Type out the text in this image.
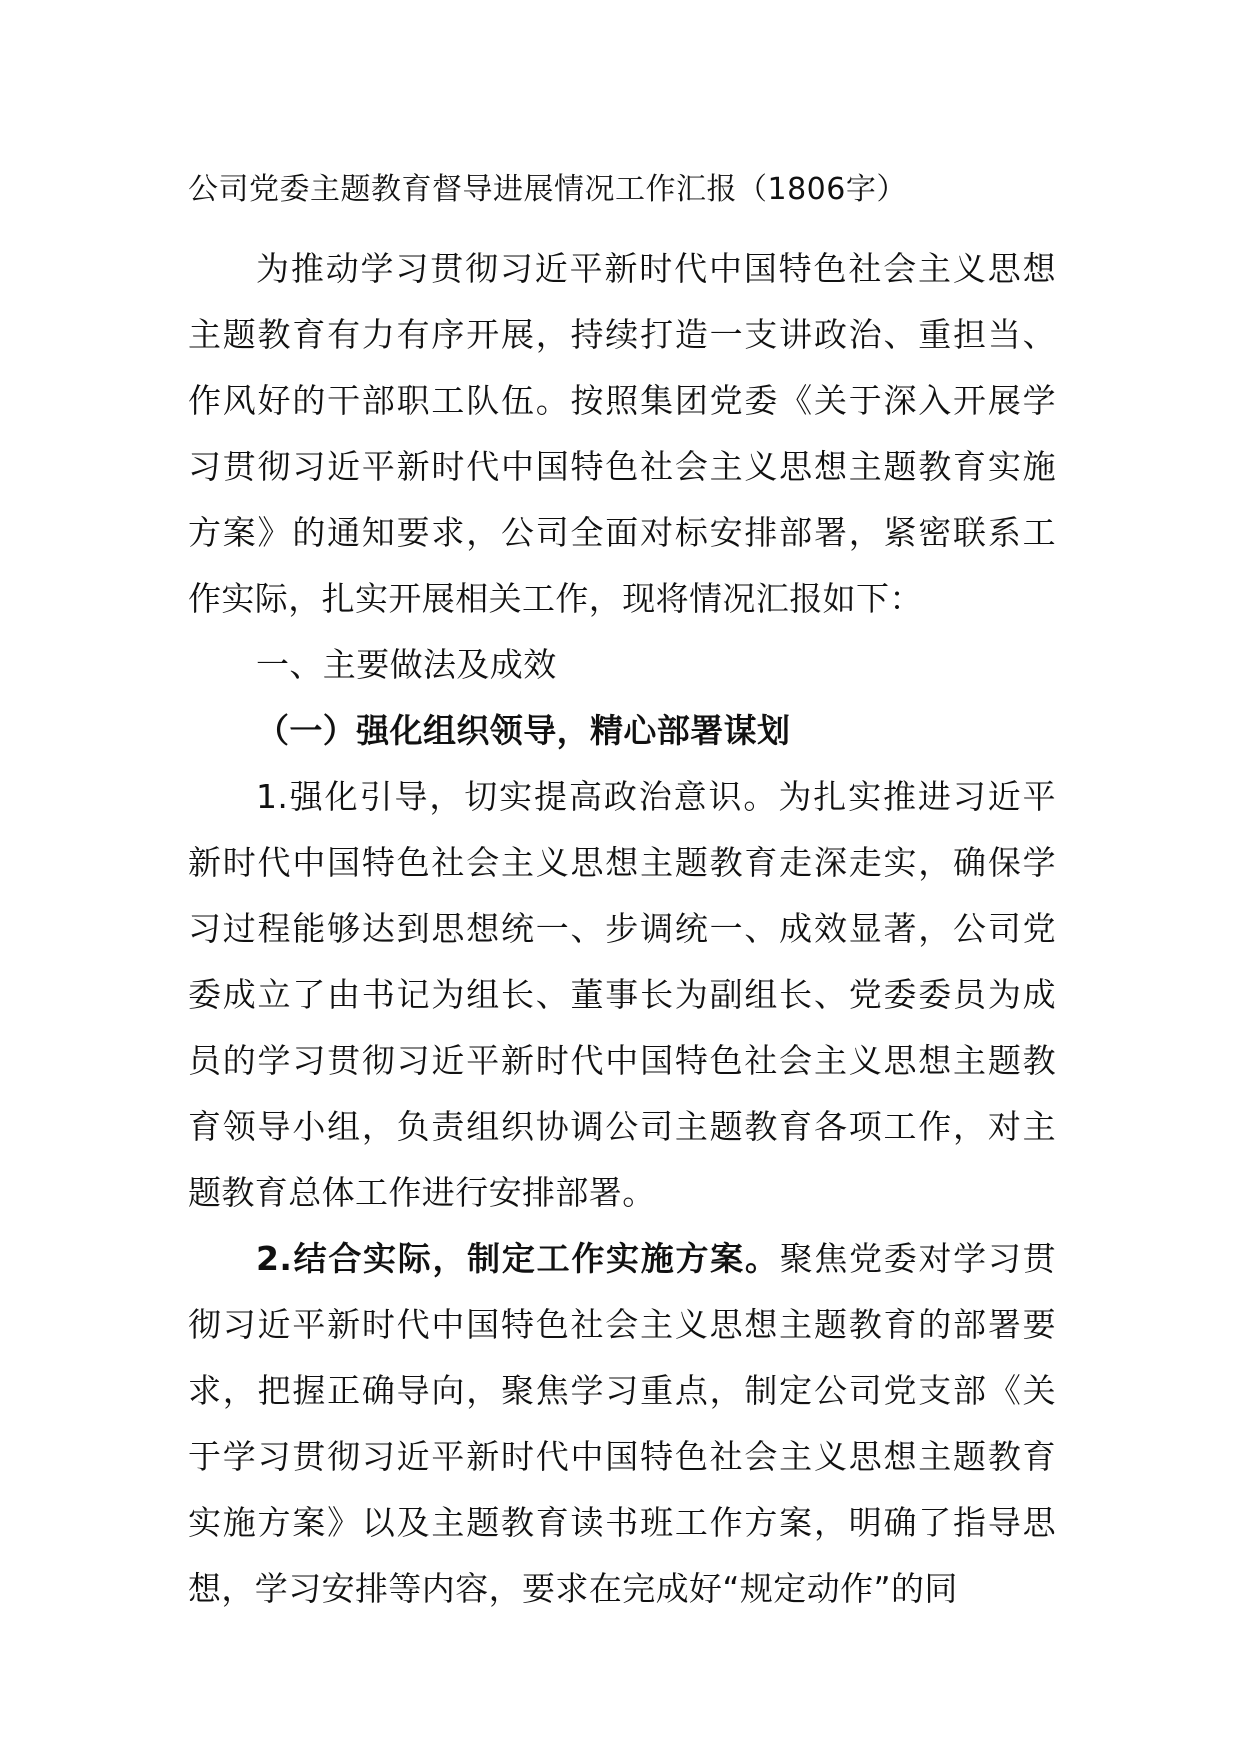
公司党委主题教育督导进展情况工作汇报（1806字）

为推动学习贯彻习近平新时代中国特色社会主义思想主题教育有力有序开展，持续打造一支讲政治、重担当、作风好的干部职工队伍。按照集团党委《关于深入开展学习贯彻习近平新时代中国特色社会主义思想主题教育实施方案》的通知要求，公司全面对标安排部署，紧密联系工作实际，扎实开展相关工作，现将情况汇报如下：

一、主要做法及成效

（一）强化组织领导，精心部署谋划

1.强化引导，切实提高政治意识。为扎实推进习近平新时代中国特色社会主义思想主题教育走深走实，确保学习过程能够达到思想统一、步调统一、成效显著，公司党委成立了由书记为组长、董事长为副组长、党委委员为成员的学习贯彻习近平新时代中国特色社会主义思想主题教育领导小组，负责组织协调公司主题教育各项工作，对主题教育总体工作进行安排部署。

2.结合实际，制定工作实施方案。聚焦党委对学习贯彻习近平新时代中国特色社会主义思想主题教育的部署要求，把握正确导向，聚焦学习重点，制定公司党支部《关于学习贯彻习近平新时代中国特色社会主义思想主题教育实施方案》以及主题教育读书班工作方案，明确了指导思想，学习安排等内容，要求在完成好“规定动作”的同
